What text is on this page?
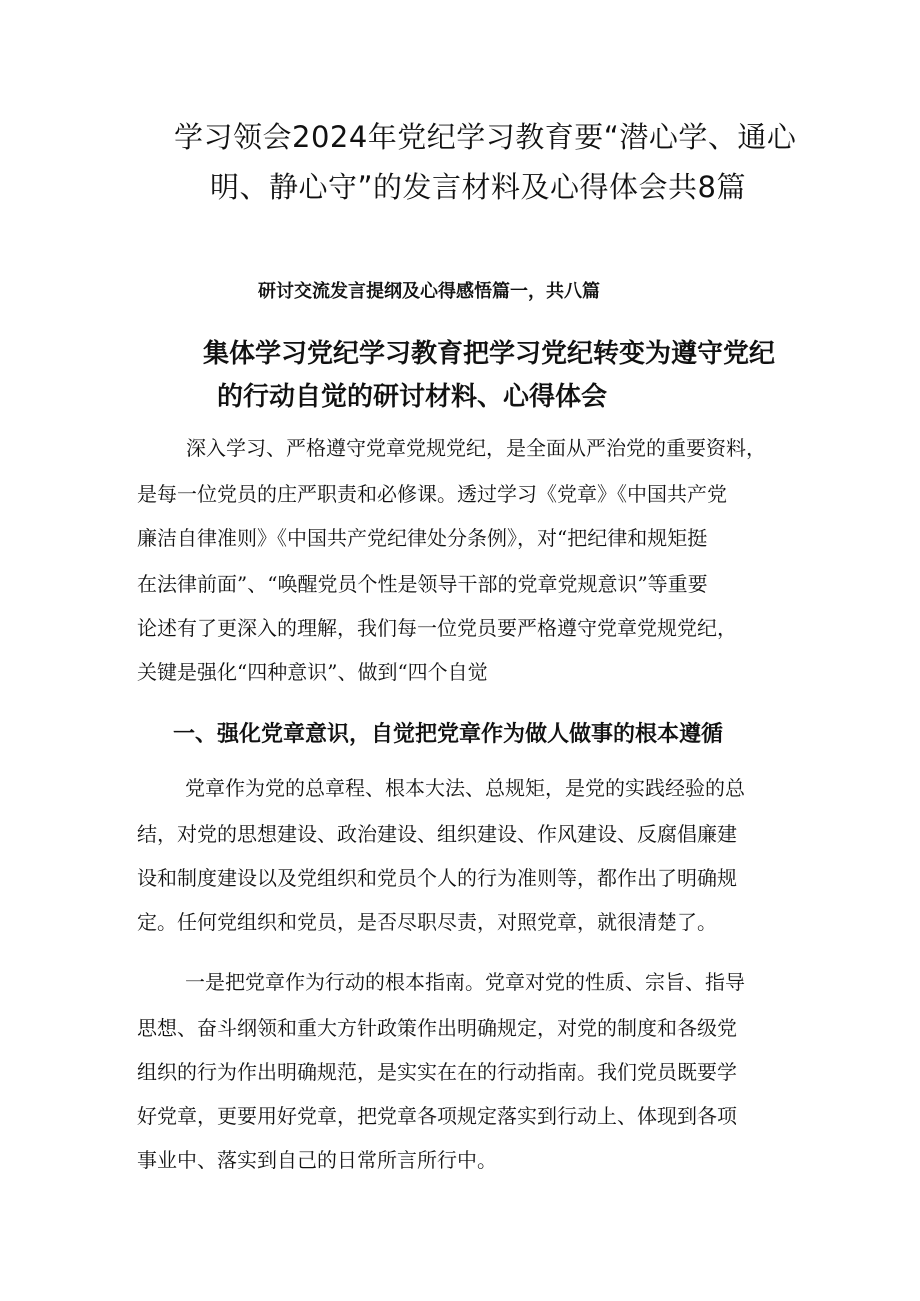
学习领会2024年党纪学习教育要“潜心学、通心
明、静心守”的发言材料及心得体会共8篇
研讨交流发言提纲及心得感悟篇一，共八篇
集体学习党纪学习教育把学习党纪转变为遵守党纪
的行动自觉的研讨材料、心得体会
深入学习、严格遵守党章党规党纪，是全面从严治党的重要资料，
是每一位党员的庄严职责和必修课。透过学习《党章》《中国共产党
廉洁自律准则》《中国共产党纪律处分条例》，对“把纪律和规矩挺
在法律前面”、“唤醒党员个性是领导干部的党章党规意识”等重要
论述有了更深入的理解，我们每一位党员要严格遵守党章党规党纪，
关键是强化“四种意识”、做到“四个自觉
一、强化党章意识，自觉把党章作为做人做事的根本遵循
党章作为党的总章程、根本大法、总规矩，是党的实践经验的总
结，对党的思想建设、政治建设、组织建设、作风建设、反腐倡廉建
设和制度建设以及党组织和党员个人的行为准则等，都作出了明确规
定。任何党组织和党员，是否尽职尽责，对照党章，就很清楚了。
一是把党章作为行动的根本指南。党章对党的性质、宗旨、指导
思想、奋斗纲领和重大方针政策作出明确规定，对党的制度和各级党
组织的行为作出明确规范，是实实在在的行动指南。我们党员既要学
好党章，更要用好党章，把党章各项规定落实到行动上、体现到各项
事业中、落实到自己的日常所言所行中。
